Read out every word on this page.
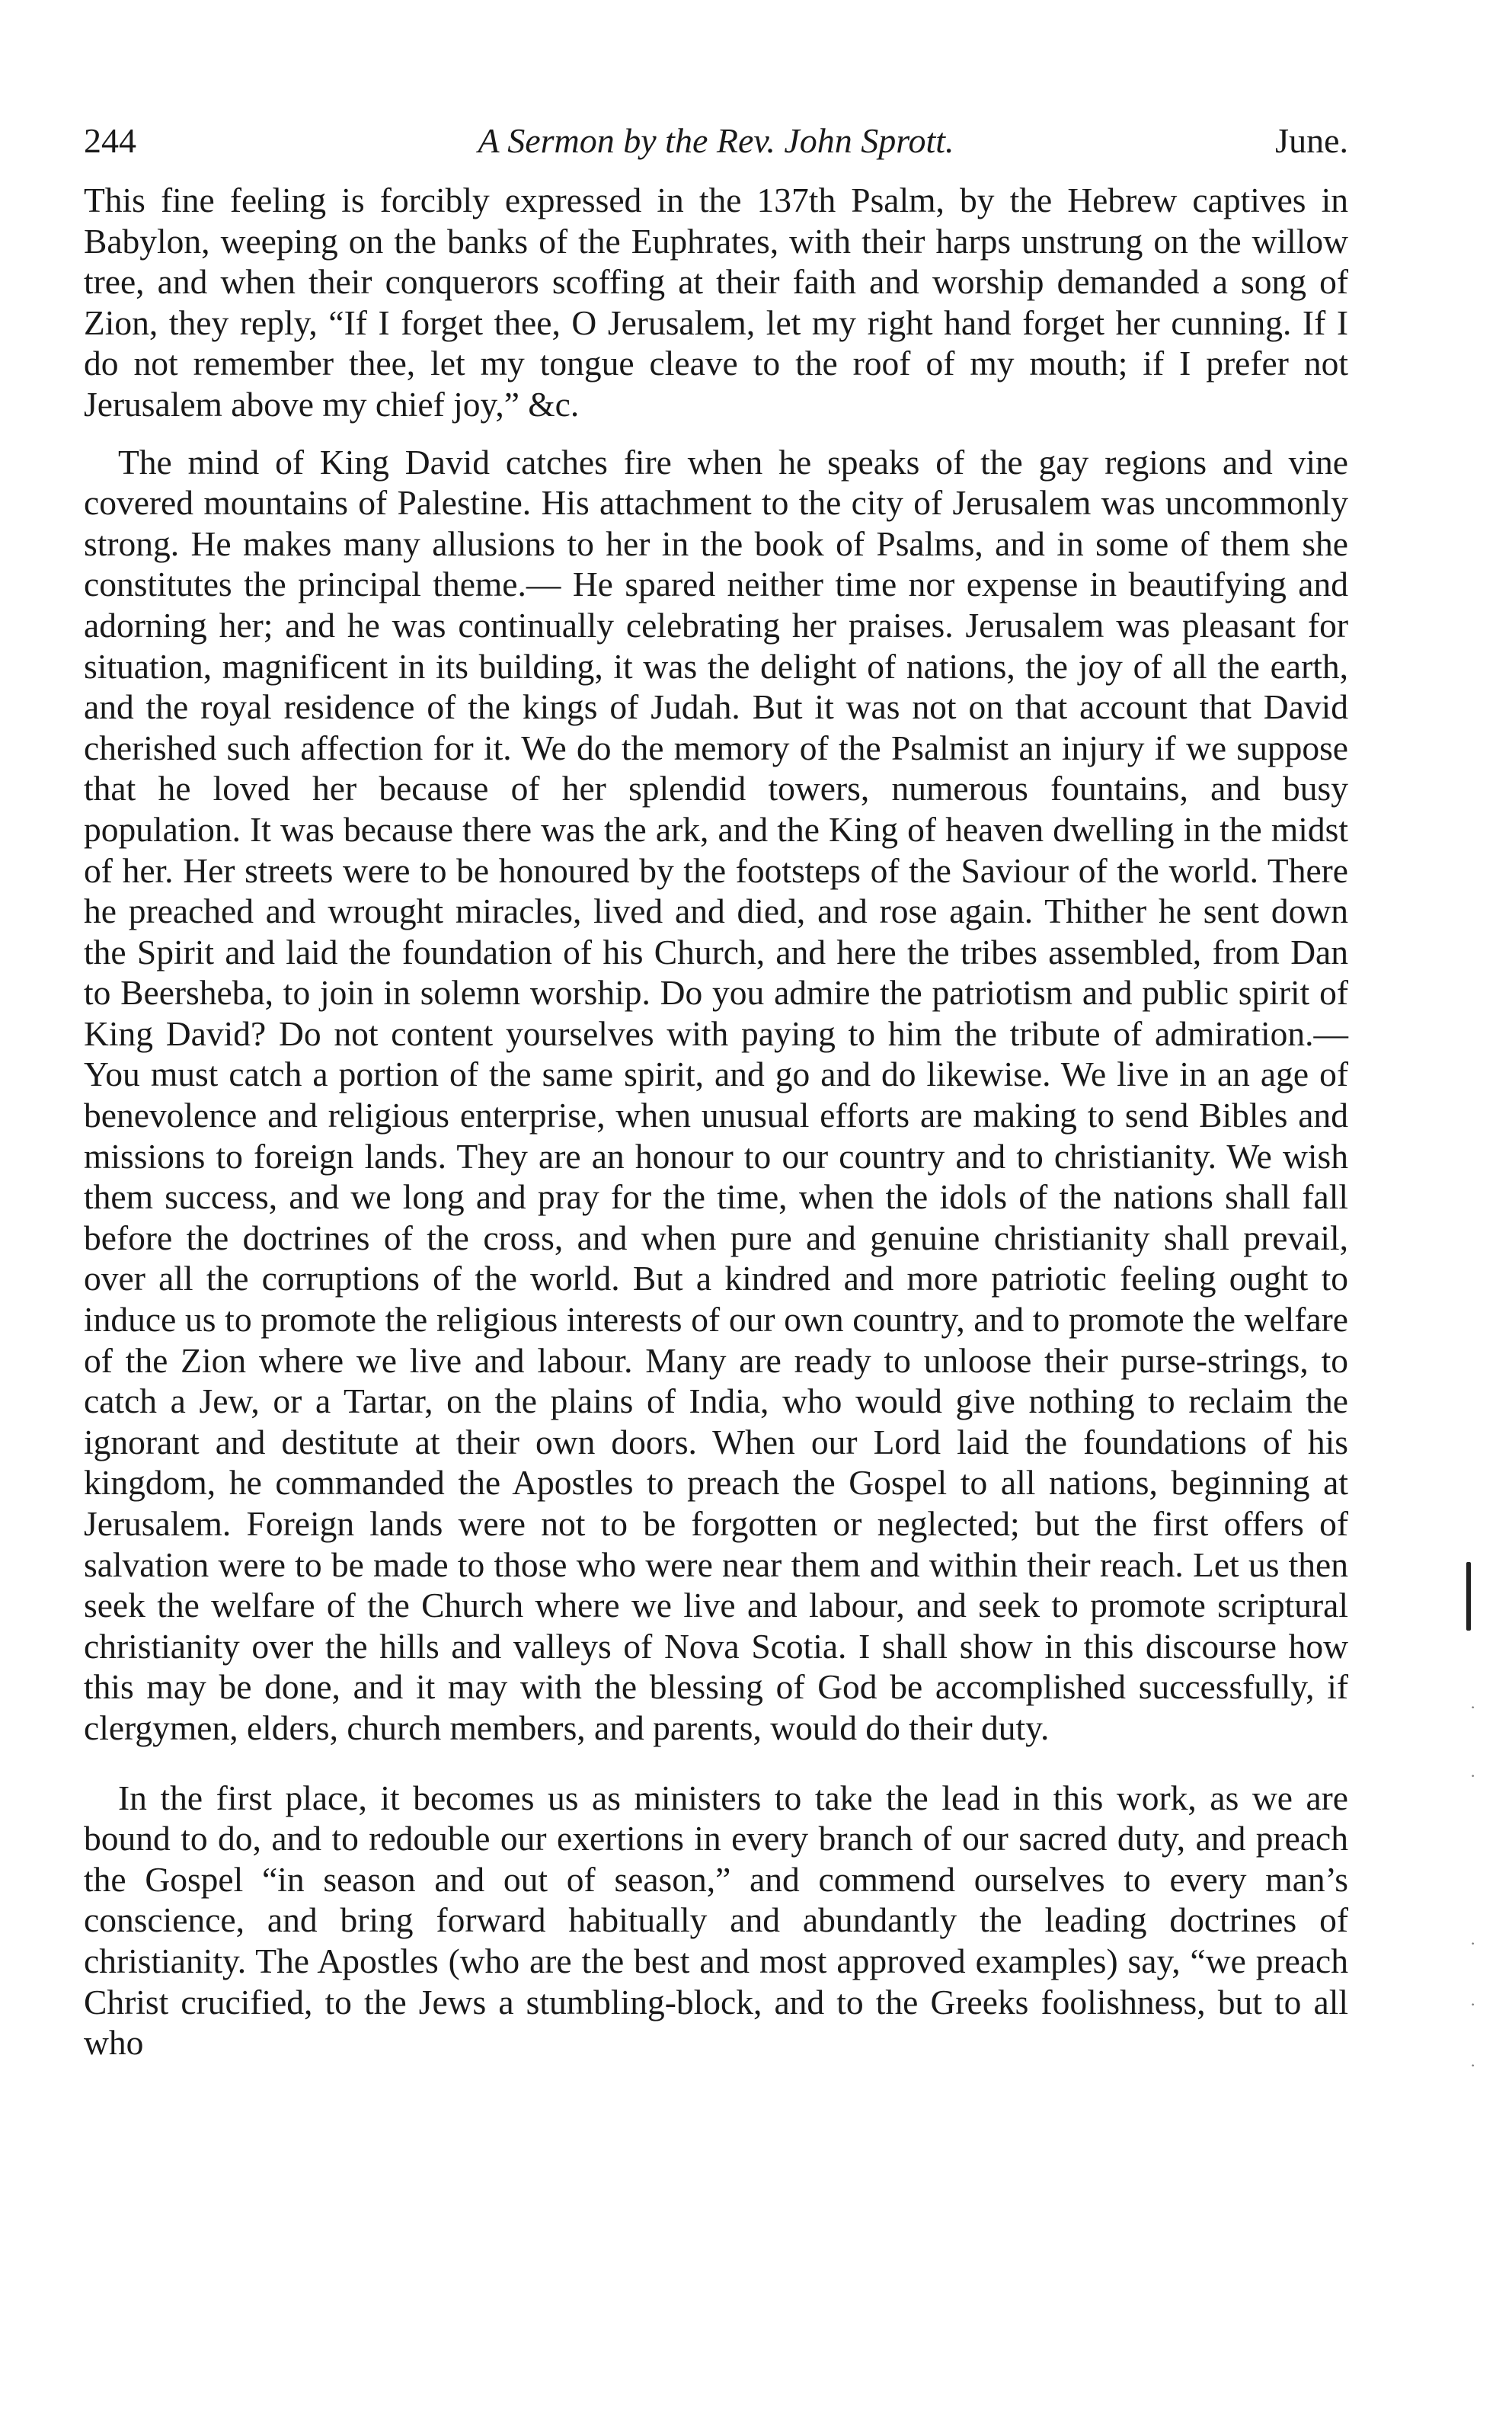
244	A Sermon by the Rev. John Sprott.	June.

This fine feeling is forcibly expressed in the 137th Psalm, by the Hebrew captives in Babylon, weeping on the banks of the Euphrates, with their harps unstrung on the willow tree, and when their conquerors scoffing at their faith and worship demanded a song of Zion, they reply, “If I forget thee, O Jerusalem, let my right hand forget her cunning. If I do not remember thee, let my tongue cleave to the roof of my mouth; if I prefer not Jerusalem above my chief joy,” &c.

The mind of King David catches fire when he speaks of the gay regions and vine covered mountains of Palestine. His attachment to the city of Jerusalem was uncommonly strong. He makes many allusions to her in the book of Psalms, and in some of them she constitutes the principal theme.— He spared neither time nor expense in beautifying and adorning her; and he was continually celebrating her praises. Jerusalem was pleasant for situation, magnificent in its building, it was the delight of nations, the joy of all the earth, and the royal residence of the kings of Judah. But it was not on that account that David cherished such affection for it. We do the memory of the Psalmist an injury if we suppose that he loved her because of her splendid towers, numerous fountains, and busy population. It was because there was the ark, and the King of heaven dwelling in the midst of her. Her streets were to be honoured by the footsteps of the Saviour of the world. There he preached and wrought miracles, lived and died, and rose again. Thither he sent down the Spirit and laid the foundation of his Church, and here the tribes assembled, from Dan to Beersheba, to join in solemn worship. Do you admire the patriotism and public spirit of King David? Do not content yourselves with paying to him the tribute of admiration.— You must catch a portion of the same spirit, and go and do likewise. We live in an age of benevolence and religious enterprise, when unusual efforts are making to send Bibles and missions to foreign lands. They are an honour to our country and to christianity. We wish them success, and we long and pray for the time, when the idols of the nations shall fall before the doctrines of the cross, and when pure and genuine christianity shall prevail, over all the corruptions of the world. But a kindred and more patriotic feeling ought to induce us to promote the religious interests of our own country, and to promote the welfare of the Zion where we live and labour. Many are ready to unloose their purse-strings, to catch a Jew, or a Tartar, on the plains of India, who would give nothing to reclaim the ignorant and destitute at their own doors. When our Lord laid the foundations of his kingdom, he commanded the Apostles to preach the Gospel to all nations, beginning at Jerusalem. Foreign lands were not to be forgotten or neglected; but the first offers of salvation were to be made to those who were near them and within their reach. Let us then seek the welfare of the Church where we live and labour, and seek to promote scriptural christianity over the hills and valleys of Nova Scotia. I shall show in this discourse how this may be done, and it may with the blessing of God be accomplished successfully, if clergymen, elders, church members, and parents, would do their duty.

In the first place, it becomes us as ministers to take the lead in this work, as we are bound to do, and to redouble our exertions in every branch of our sacred duty, and preach the Gospel “in season and out of season,” and commend ourselves to every man’s conscience, and bring forward habitually and abundantly the leading doctrines of christianity. The Apostles (who are the best and most approved examples) say, “we preach Christ crucified, to the Jews a stumbling-block, and to the Greeks foolishness, but to all who

·
·
·
·
·
